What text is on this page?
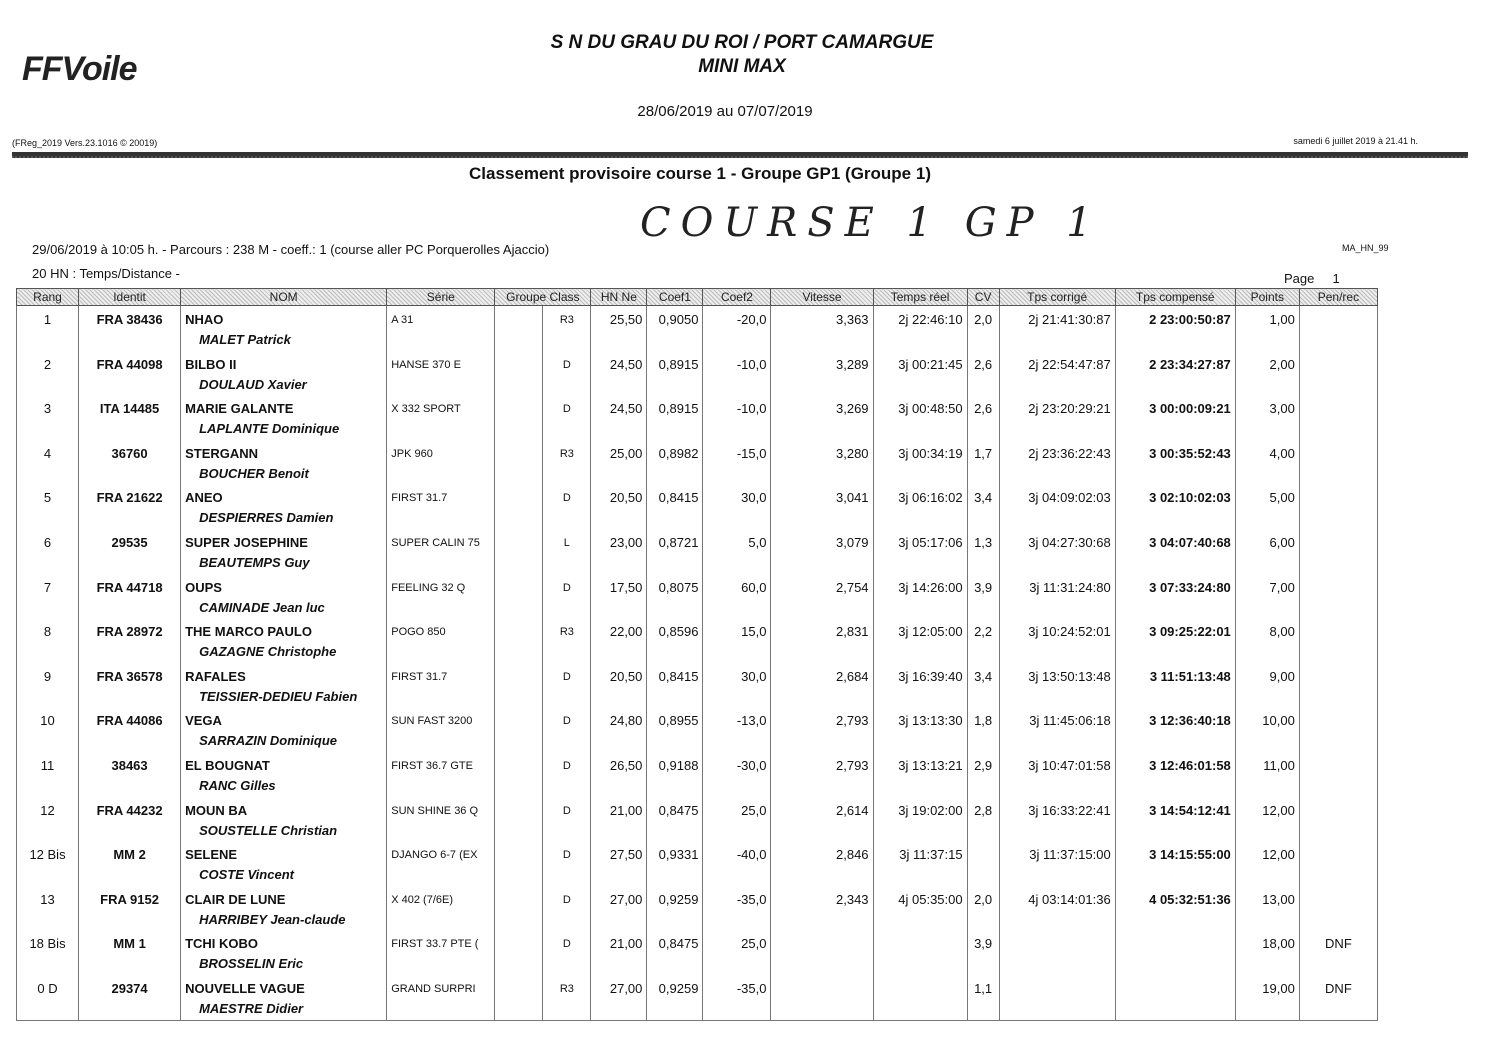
FFVoile
S N DU GRAU DU ROI / PORT CAMARGUE
MINI MAX
28/06/2019 au 07/07/2019
(FReg_2019 Vers.23.1016 © 20019)	samedi 6 juillet 2019 à 21.41 h.
Classement provisoire course 1 - Groupe GP1 (Groupe 1)
COURSE 1 GP 1
29/06/2019 à 10:05 h. - Parcours : 238 M - coeff.: 1 (course aller PC Porquerolles Ajaccio)	MA_HN_99
20 HN : Temps/Distance -	Page 1
Rang	Identit	NOM	Série	Groupe Class		HN Ne	Coef1	Coef2	Vitesse	Temps réel	CV	Tps corrigé	Tps compensé	Points	Pen/rec

1	FRA 38436	NHAO
MALET Patrick	A 31		R3	25,50	0,9050	-20,0	3,363	2j 22:46:10	2,0	2j 21:41:30:87	2 23:00:50:87	1,00	

2	FRA 44098	BILBO II
DOULAUD Xavier	HANSE 370 E		D	24,50	0,8915	-10,0	3,289	3j 00:21:45	2,6	2j 22:54:47:87	2 23:34:27:87	2,00	

3	ITA 14485	MARIE GALANTE
LAPLANTE Dominique	X 332 SPORT		D	24,50	0,8915	-10,0	3,269	3j 00:48:50	2,6	2j 23:20:29:21	3 00:00:09:21	3,00	

4	36760	STERGANN
BOUCHER Benoit	JPK 960		R3	25,00	0,8982	-15,0	3,280	3j 00:34:19	1,7	2j 23:36:22:43	3 00:35:52:43	4,00	

5	FRA 21622	ANEO
DESPIERRES Damien	FIRST 31.7		D	20,50	0,8415	30,0	3,041	3j 06:16:02	3,4	3j 04:09:02:03	3 02:10:02:03	5,00	

6	29535	SUPER JOSEPHINE
BEAUTEMPS Guy	SUPER CALIN 75		L	23,00	0,8721	5,0	3,079	3j 05:17:06	1,3	3j 04:27:30:68	3 04:07:40:68	6,00	

7	FRA 44718	OUPS
CAMINADE Jean luc	FEELING 32 Q		D	17,50	0,8075	60,0	2,754	3j 14:26:00	3,9	3j 11:31:24:80	3 07:33:24:80	7,00	

8	FRA 28972	THE MARCO PAULO
GAZAGNE Christophe	POGO 850		R3	22,00	0,8596	15,0	2,831	3j 12:05:00	2,2	3j 10:24:52:01	3 09:25:22:01	8,00	

9	FRA 36578	RAFALES
TEISSIER-DEDIEU Fabien	FIRST 31.7		D	20,50	0,8415	30,0	2,684	3j 16:39:40	3,4	3j 13:50:13:48	3 11:51:13:48	9,00	

10	FRA 44086	VEGA
SARRAZIN Dominique	SUN FAST 3200		D	24,80	0,8955	-13,0	2,793	3j 13:13:30	1,8	3j 11:45:06:18	3 12:36:40:18	10,00	

11	38463	EL BOUGNAT
RANC Gilles	FIRST 36.7 GTE		D	26,50	0,9188	-30,0	2,793	3j 13:13:21	2,9	3j 10:47:01:58	3 12:46:01:58	11,00	

12	FRA 44232	MOUN BA
SOUSTELLE Christian	SUN SHINE 36 Q		D	21,00	0,8475	25,0	2,614	3j 19:02:00	2,8	3j 16:33:22:41	3 14:54:12:41	12,00	

12 Bis	MM 2	SELENE
COSTE Vincent	DJANGO 6-7 (EX		D	27,50	0,9331	-40,0	2,846	3j 11:37:15		3j 11:37:15:00	3 14:15:55:00	12,00	

13	FRA 9152	CLAIR DE LUNE
HARRIBEY Jean-claude	X 402 (7/6E)		D	27,00	0,9259	-35,0	2,343	4j 05:35:00	2,0	4j 03:14:01:36	4 05:32:51:36	13,00	

18 Bis	MM 1	TCHI KOBO
BROSSELIN Eric	FIRST 33.7 PTE (		D	21,00	0,8475	25,0			3,9			18,00	DNF

0 D	29374	NOUVELLE VAGUE
MAESTRE Didier	GRAND SURPRI		R3	27,00	0,9259	-35,0			1,1			19,00	DNF
